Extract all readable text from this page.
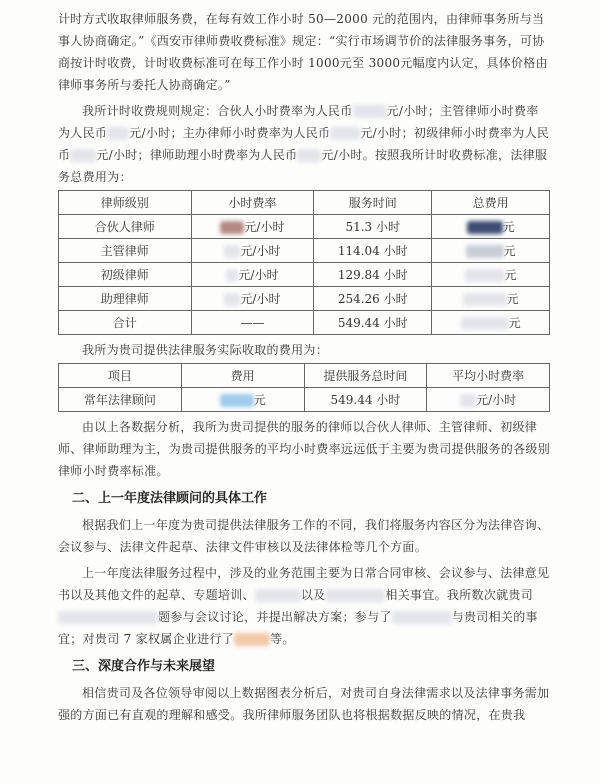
计时方式收取律师服务费，在每有效工作小时 50—2000 元的范围内，由律师事务所与当事人协商确定。”《西安市律师费收费标准》规定：“实行市场调节价的法律服务事务，可协商按计时收费，计时收费标准可在每工作小时 1000元至 3000元幅度内认定，具体价格由律师事务所与委托人协商确定。”

我所计时收费规则规定：合伙人小时费率为人民币	元/小时；主管律师小时费率为人民币 元/小时；主办律师小时费率为人民币	元/小时；初级律师小时费率为人民币 元/小时；律师助理小时费率为人民币 元/小时。按照我所计时收费标准，法律服务总费用为：

律师级别	小时费率	服务时间	总费用
合伙人律师	元/小时	51.3 小时	元
主管律师	元/小时	114.04 小时	元
初级律师	元/小时	129.84 小时	元
助理律师	元/小时	254.26 小时	元
合计	——	549.44 小时	元

我所为贵司提供法律服务实际收取的费用为：

项目	费用	提供服务总时间	平均小时费率
常年法律顾问	元	549.44 小时	元/小时

由以上各数据分析，我所为贵司提供的服务的律师以合伙人律师、主管律师、初级律师、律师助理为主，为贵司提供服务的平均小时费率远远低于主要为贵司提供服务的各级别律师小时费率标准。

二、上一年度法律顾问的具体工作

根据我们上一年度为贵司提供法律服务工作的不同，我们将服务内容区分为法律咨询、会议参与、法律文件起草、法律文件审核以及法律体检等几个方面。

上一年度法律服务过程中，涉及的业务范围主要为日常合同审核、会议参与、法律意见书以及其他文件的起草、专题培训、	以及	相关事宜。我所数次就贵司题参与会议讨论，并提出解决方案；参与了	与贵司相关的事宜；对贵司 7 家权属企业进行了	等。

三、深度合作与未来展望

相信贵司及各位领导审阅以上数据图表分析后，对贵司自身法律需求以及法律事务需加强的方面已有直观的理解和感受。我所律师服务团队也将根据数据反映的情况，在贵我
